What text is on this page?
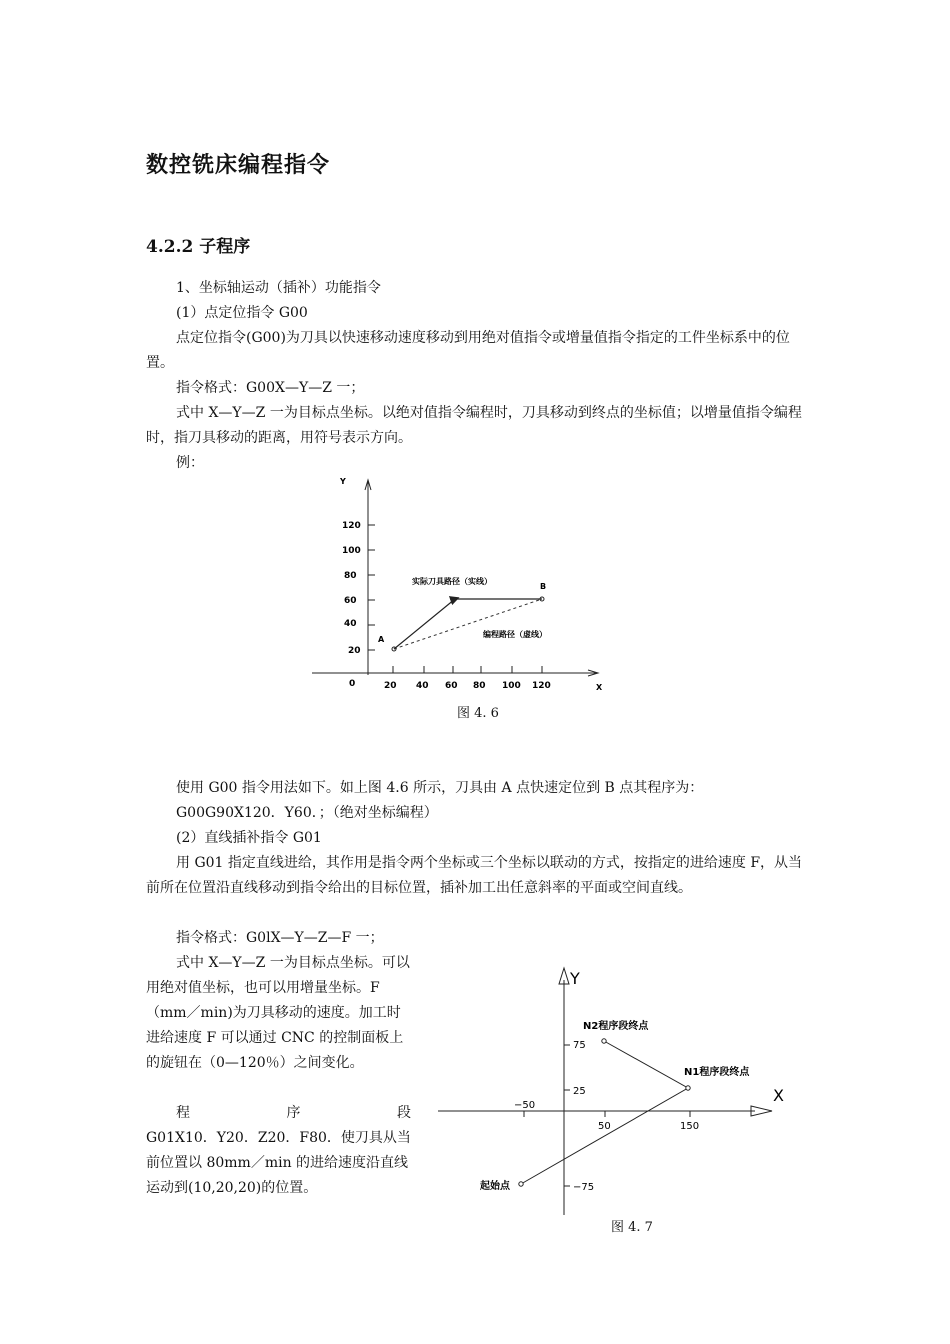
数控铣床编程指令
4.2.2 子程序

1、坐标轴运动（插补）功能指令

(1）点定位指令 G00

点定位指令(G00)为刀具以快速移动速度移动到用绝对值指令或增量值指令指定的工件坐标系中的位置。

指令格式：G00X—Y—Z 一；

式中 X—Y—Z 一为目标点坐标。以绝对值指令编程时，刀具移动到终点的坐标值；以增量值指令编程时，指刀具移动的距离，用符号表示方向。

例：

Y
X
0
120
100
80
60
40
20
20 40 60 80 100 120
A
B
实际刀具路径（实线）
编程路径（虚线）
图 4. 6

使用 G00 指令用法如下。如上图 4.6 所示，刀具由 A 点快速定位到 B 点其程序为：

G00G90X120．Y60．；（绝对坐标编程）

(2）直线插补指令 G01

用 G01 指定直线进给，其作用是指令两个坐标或三个坐标以联动的方式，按指定的进给速度 F，从当前所在位置沿直线移动到指令给出的目标位置，插补加工出任意斜率的平面或空间直线。

指令格式：G0lX—Y—Z—F 一；

式中 X—Y—Z 一为目标点坐标。可以用绝对值坐标，也可以用增量坐标。F（mm／min)为刀具移动的速度。加工时进给速度 F 可以通过 CNC 的控制面板上的旋钮在（0—120％）之间变化。

程 序 段

G01X10．Y20．Z20．F80．使刀具从当前位置以 80mm／min 的进给速度沿直线运动到(10,20,20)的位置。

Y
X
75
25
−50
50	150
−75
N2程序段终点
N1程序段终点
起始点
图 4. 7
